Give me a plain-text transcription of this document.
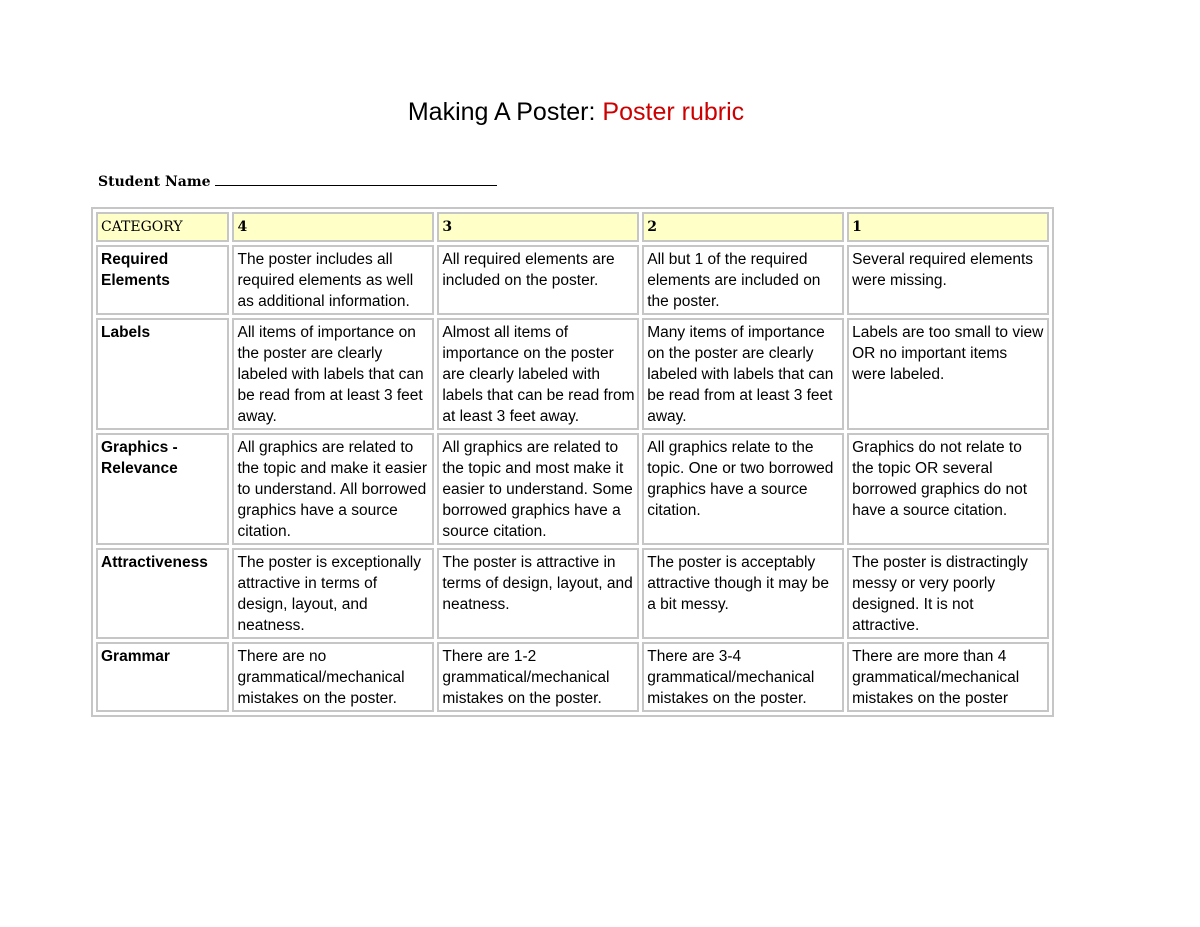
Making A Poster: Poster rubric
Student Name
CATEGORY	4	3	2	1
Required Elements	The poster includes all required elements as well as additional information.	All required elements are included on the poster.	All but 1 of the required elements are included on the poster.	Several required elements were missing.
Labels	All items of importance on the poster are clearly labeled with labels that can be read from at least 3 feet away.	Almost all items of importance on the poster are clearly labeled with labels that can be read from at least 3 feet away.	Many items of importance on the poster are clearly labeled with labels that can be read from at least 3 feet away.	Labels are too small to view OR no important items were labeled.
Graphics - Relevance	All graphics are related to the topic and make it easier to understand. All borrowed graphics have a source citation.	All graphics are related to the topic and most make it easier to understand. Some borrowed graphics have a source citation.	All graphics relate to the topic. One or two borrowed graphics have a source citation.	Graphics do not relate to the topic OR several borrowed graphics do not have a source citation.
Attractiveness	The poster is exceptionally attractive in terms of design, layout, and neatness.	The poster is attractive in terms of design, layout, and neatness.	The poster is acceptably attractive though it may be a bit messy.	The poster is distractingly messy or very poorly designed. It is not attractive.
Grammar	There are no grammatical/mechanical mistakes on the poster.	There are 1-2 grammatical/mechanical mistakes on the poster.	There are 3-4 grammatical/mechanical mistakes on the poster.	There are more than 4 grammatical/mechanical mistakes on the poster
